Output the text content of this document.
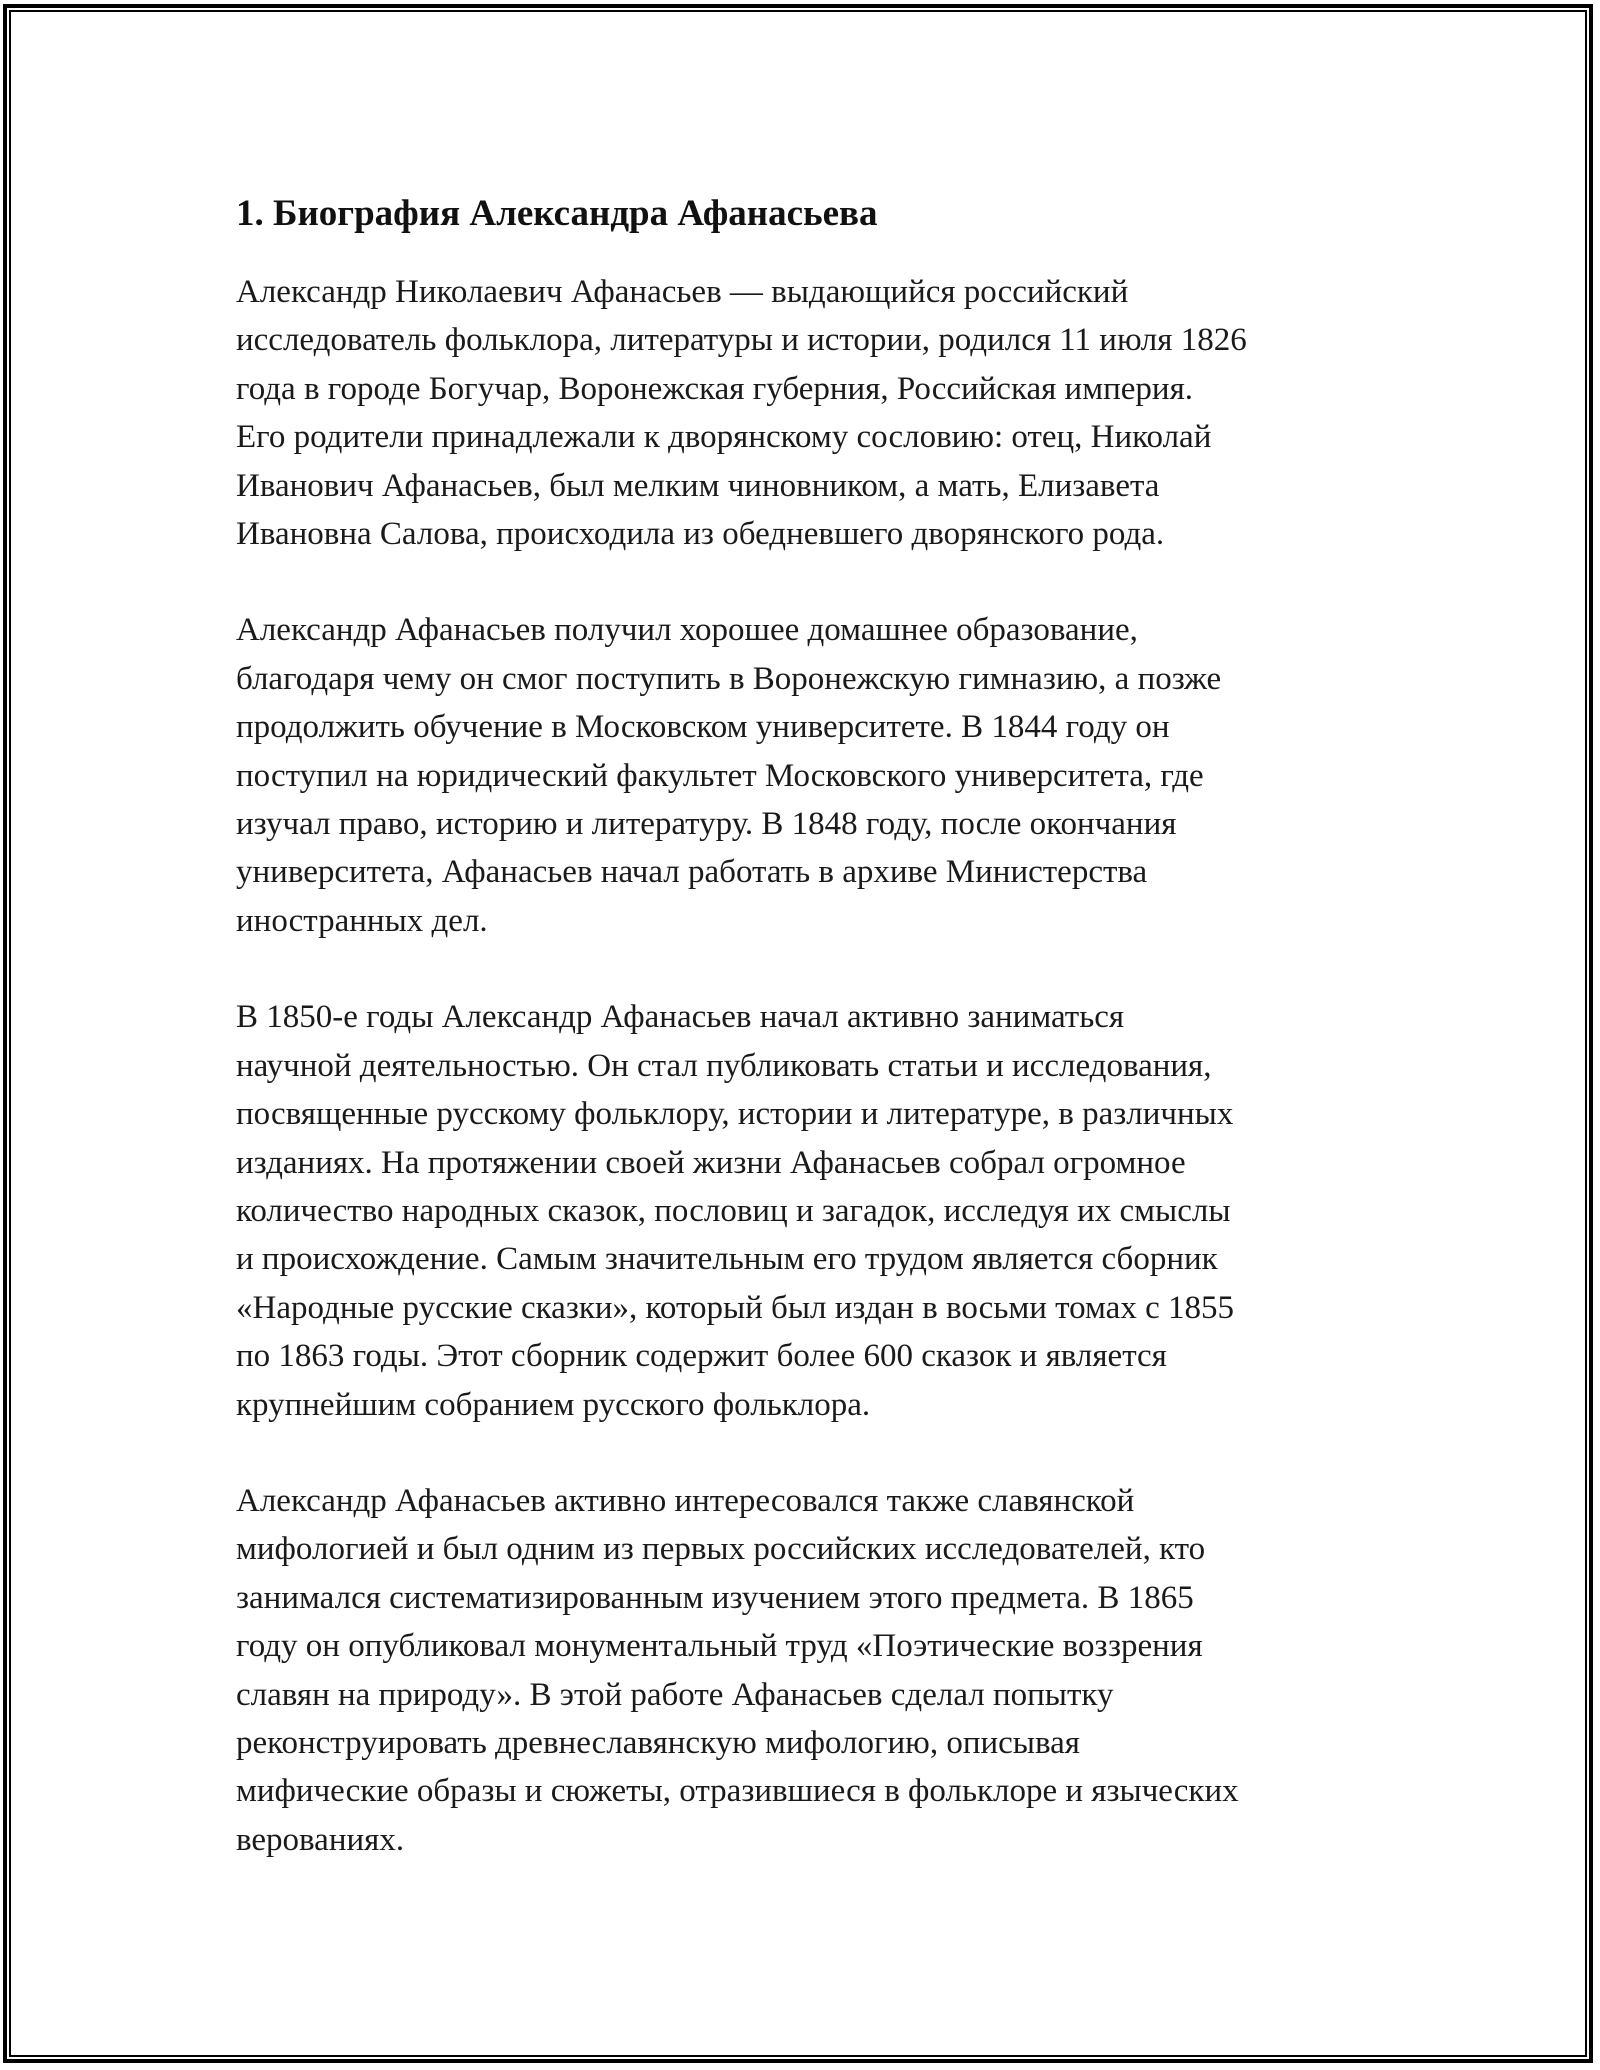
1. Биография Александра Афанасьева

Александр Николаевич Афанасьев — выдающийся российский
исследователь фольклора, литературы и истории, родился 11 июля 1826
года в городе Богучар, Воронежская губерния, Российская империя.
Его родители принадлежали к дворянскому сословию: отец, Николай
Иванович Афанасьев, был мелким чиновником, а мать, Елизавета
Ивановна Салова, происходила из обедневшего дворянского рода.

Александр Афанасьев получил хорошее домашнее образование,
благодаря чему он смог поступить в Воронежскую гимназию, а позже
продолжить обучение в Московском университете. В 1844 году он
поступил на юридический факультет Московского университета, где
изучал право, историю и литературу. В 1848 году, после окончания
университета, Афанасьев начал работать в архиве Министерства
иностранных дел.

В 1850-е годы Александр Афанасьев начал активно заниматься
научной деятельностью. Он стал публиковать статьи и исследования,
посвященные русскому фольклору, истории и литературе, в различных
изданиях. На протяжении своей жизни Афанасьев собрал огромное
количество народных сказок, пословиц и загадок, исследуя их смыслы
и происхождение. Самым значительным его трудом является сборник
«Народные русские сказки», который был издан в восьми томах с 1855
по 1863 годы. Этот сборник содержит более 600 сказок и является
крупнейшим собранием русского фольклора.

Александр Афанасьев активно интересовался также славянской
мифологией и был одним из первых российских исследователей, кто
занимался систематизированным изучением этого предмета. В 1865
году он опубликовал монументальный труд «Поэтические воззрения
славян на природу». В этой работе Афанасьев сделал попытку
реконструировать древнеславянскую мифологию, описывая
мифические образы и сюжеты, отразившиеся в фольклоре и языческих
верованиях.
